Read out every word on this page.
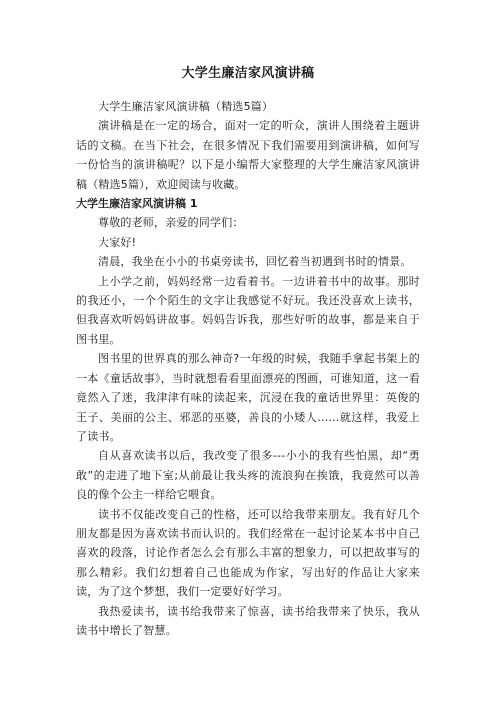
大学生廉洁家风演讲稿
大学生廉洁家风演讲稿（精选5篇）
演讲稿是在一定的场合，面对一定的听众，演讲人围绕着主题讲话的文稿。在当下社会，在很多情况下我们需要用到演讲稿，如何写一份恰当的演讲稿呢？以下是小编帮大家整理的大学生廉洁家风演讲稿（精选5篇），欢迎阅读与收藏。
大学生廉洁家风演讲稿 1
尊敬的老师，亲爱的同学们：
大家好!
清晨，我坐在小小的书桌旁读书，回忆着当初遇到书时的情景。
上小学之前，妈妈经常一边看着书。一边讲着书中的故事。那时的我还小，一个个陌生的文字让我感觉不好玩。我还没喜欢上读书，但我喜欢听妈妈讲故事。妈妈告诉我，那些好听的故事，都是来自于图书里。
图书里的世界真的那么神奇?一年级的时候，我随手拿起书架上的一本《童话故事》，当时就想看看里面漂亮的图画，可谁知道，这一看竟然入了迷，我津津有味的读起来，沉浸在我的童话世界里：英俊的王子、美丽的公主、邪恶的巫婆，善良的小矮人……就这样，我爱上了读书。
自从喜欢读书以后，我改变了很多---小小的我有些怕黑，却“勇敢”的走进了地下室;从前最让我头疼的流浪狗在挨饿，我竟然可以善良的像个公主一样给它喂食。
读书不仅能改变自己的性格，还可以给我带来朋友。我有好几个朋友都是因为喜欢读书而认识的。我们经常在一起讨论某本书中自己喜欢的段落，讨论作者怎么会有那么丰富的想象力，可以把故事写的那么精彩。我们幻想着自己也能成为作家，写出好的作品让大家来读，为了这个梦想，我们一定要好好学习。
我热爱读书，读书给我带来了惊喜，读书给我带来了快乐，我从读书中增长了智慧。
